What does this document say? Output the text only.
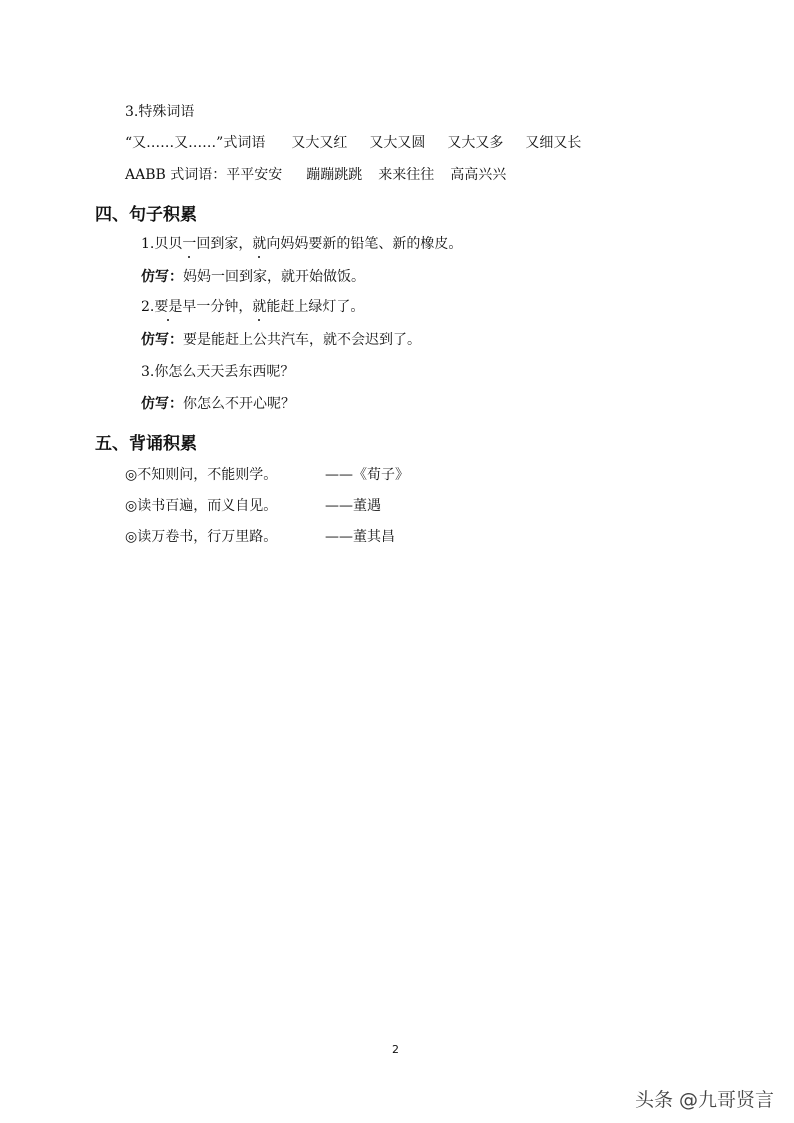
3.特殊词语
“又……又……”式词语 又大又红 又大又圆 又大又多 又细又长
AABB 式词语：平平安安 蹦蹦跳跳 来来往往 高高兴兴
四、句子积累
1.贝贝一回到家，就向妈妈要新的铅笔、新的橡皮。
仿写：妈妈一回到家，就开始做饭。
2.要是早一分钟，就能赶上绿灯了。
仿写：要是能赶上公共汽车，就不会迟到了。
3.你怎么天天丢东西呢？
仿写：你怎么不开心呢？
五、背诵积累
◎不知则问，不能则学。	——《荀子》
◎读书百遍，而义自见。	——董遇
◎读万卷书，行万里路。	——董其昌
2
头条 @九哥贤言
